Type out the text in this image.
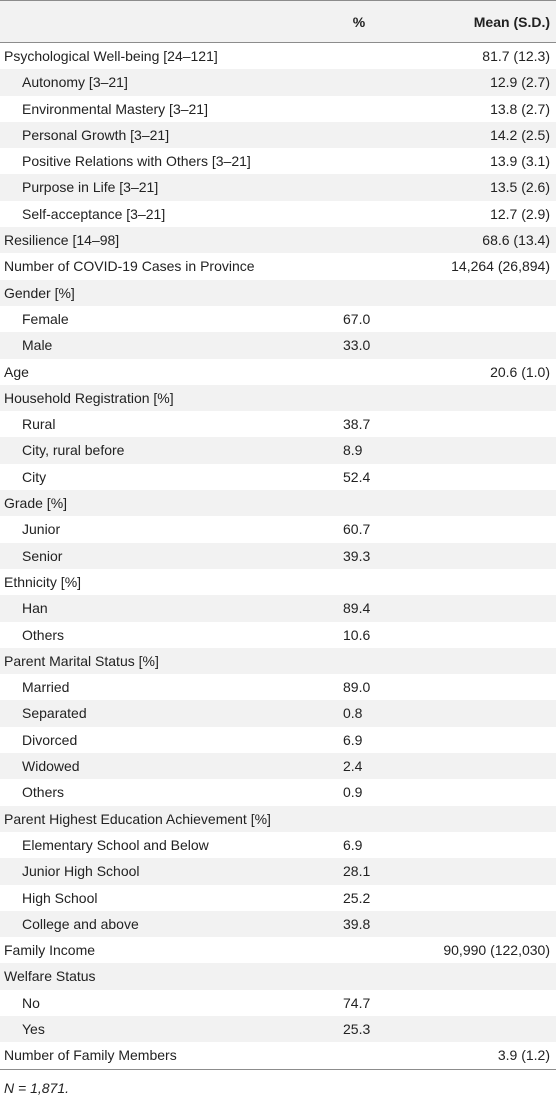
%	Mean (S.D.)
Psychological Well-being [24–121]	81.7 (12.3)
Autonomy [3–21]	12.9 (2.7)
Environmental Mastery [3–21]	13.8 (2.7)
Personal Growth [3–21]	14.2 (2.5)
Positive Relations with Others [3–21]	13.9 (3.1)
Purpose in Life [3–21]	13.5 (2.6)
Self-acceptance [3–21]	12.7 (2.9)
Resilience [14–98]	68.6 (13.4)
Number of COVID-19 Cases in Province	14,264 (26,894)
Gender [%]
Female	67.0
Male	33.0
Age	20.6 (1.0)
Household Registration [%]
Rural	38.7
City, rural before	8.9
City	52.4
Grade [%]
Junior	60.7
Senior	39.3
Ethnicity [%]
Han	89.4
Others	10.6
Parent Marital Status [%]
Married	89.0
Separated	0.8
Divorced	6.9
Widowed	2.4
Others	0.9
Parent Highest Education Achievement [%]
Elementary School and Below	6.9
Junior High School	28.1
High School	25.2
College and above	39.8
Family Income	90,990 (122,030)
Welfare Status
No	74.7
Yes	25.3
Number of Family Members	3.9 (1.2)
N = 1,871.
